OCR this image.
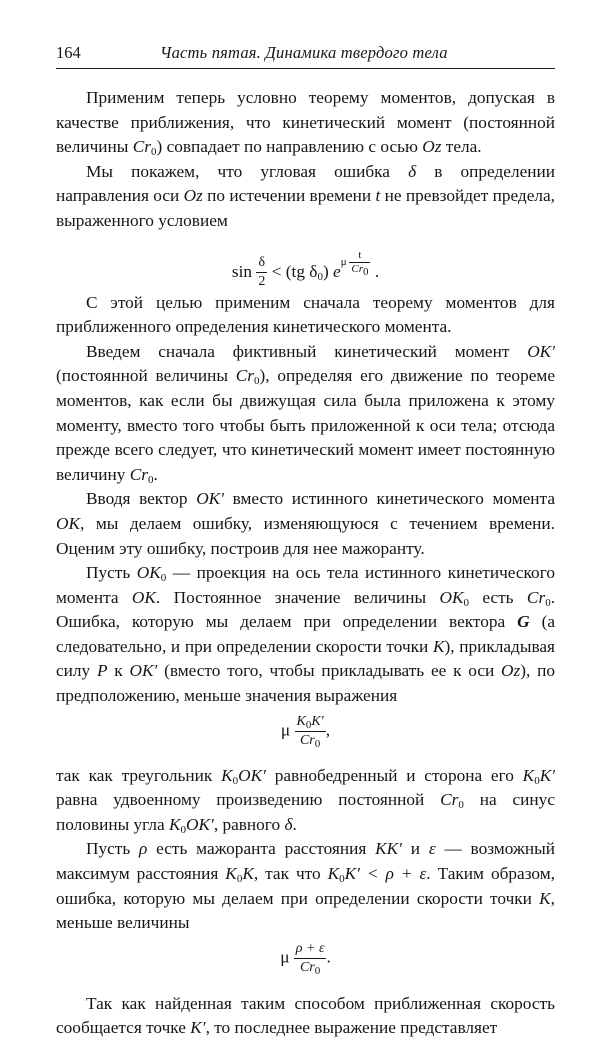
164	Часть пятая. Динамика твердого тела

Применим теперь условно теорему моментов, допуская в качестве приближения, что кинетический момент (постоянной величины $Cr_0$) совпадает по направлению с осью Oz тела.

Мы покажем, что угловая ошибка δ в определении направления оси Oz по истечении времени t не превзойдет предела, выраженного условием

$\sin \frac{\delta}{2} < (tg$ $\delta_0$) $e^{\mu \frac{t}{Cr_0}}$ .

С этой целью применим сначала теорему моментов для приближенного определения кинетического момента.

Введем сначала фиктивный кинетический момент OK′ (постоянной величины $Cr_0$), определяя его движение по теореме моментов, как если бы движущая сила была приложена к этому моменту, вместо того чтобы быть приложенной к оси тела; отсюда прежде всего следует, что кинетический момент имеет постоянную величину $Cr_0$.

Вводя вектор OK′ вместо истинного кинетического момента OK, мы делаем ошибку, изменяющуюся с течением времени. Оценим эту ошибку, построив для нее мажоранту.

Пусть $OK_0$ — проекция на ось тела истинного кинетического момента OK. Постоянное значение величины $OK_0$ есть $Cr_0$. Ошибка, которую мы делаем при определении вектора G (а следовательно, и при определении скорости точки K), прикладывая силу P к OK′ (вместо того, чтобы прикладывать ее к оси Oz), по предположению, меньше значения выражения

μ $\frac{K_0K'}{Cr_0}$ ,

так как треугольник $K_0OK'$ равнобедренный и сторона его $K_0K'$ равна удвоенному произведению постоянной $Cr_0$ на синус половины угла $K_0OK'$, равного δ.

Пусть ρ есть мажоранта расстояния KK′ и ε — возможный максимум расстояния $K_0K$, так что $K_0K' < \rho + \varepsilon$. Таким образом, ошибка, которую мы делаем при определении скорости точки K, меньше величины

μ $\frac{\rho + \varepsilon}{Cr_0}$ .

Так как найденная таким способом приближенная скорость сообщается точке K′, то последнее выражение представляет
